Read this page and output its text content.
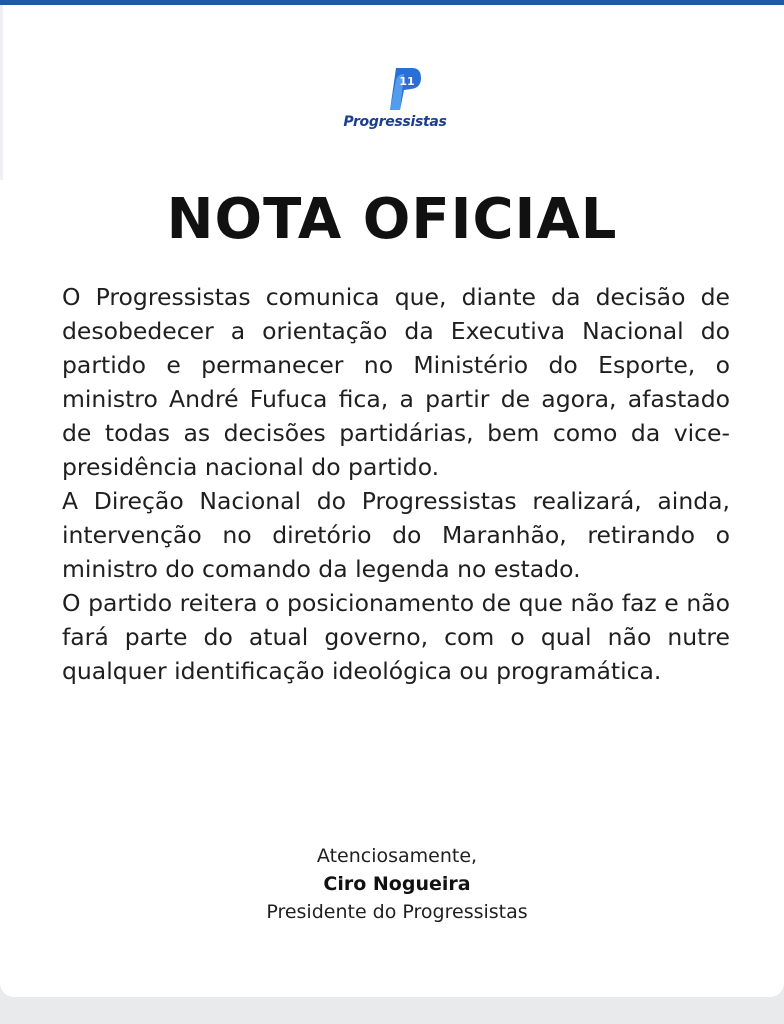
11
Progressistas
NOTA OFICIAL

O Progressistas comunica que, diante da decisão de desobedecer a orientação da Executiva Nacional do partido e permanecer no Ministério do Esporte, o ministro André Fufuca fica, a partir de agora, afastado de todas as decisões partidárias, bem como da vice-presidência nacional do partido.

A Direção Nacional do Progressistas realizará, ainda, intervenção no diretório do Maranhão, retirando o ministro do comando da legenda no estado.

O partido reitera o posicionamento de que não faz e não fará parte do atual governo, com o qual não nutre qualquer identificação ideológica ou programática.

Atenciosamente,
Ciro Nogueira
Presidente do Progressistas
